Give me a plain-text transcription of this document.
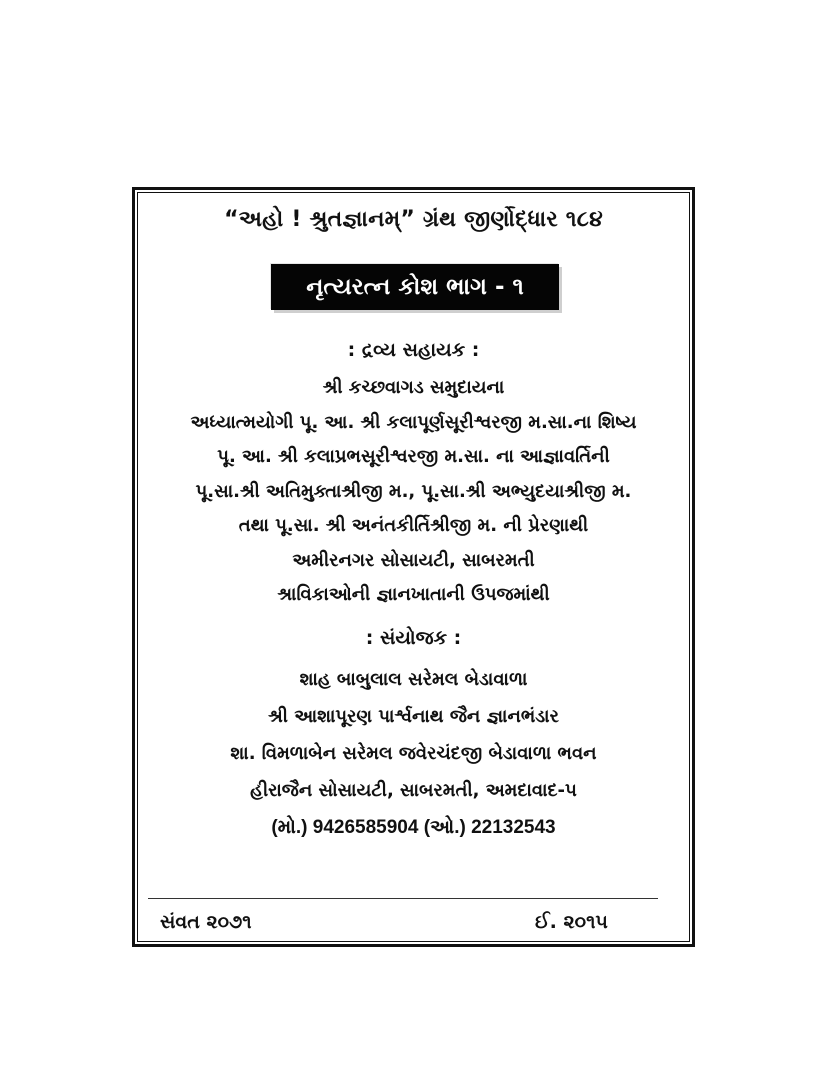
“અહો ! શ્રુતજ્ઞાનમ્” ગ્રંથ જીર્ણોદ્ધાર ૧૮૪
નૃત્યરત્ન કોશ ભાગ - ૧
: દ્રવ્ય સહાયક :
શ્રી કચ્છવાગડ સમુદાયના
અધ્યાત્મયોગી પૂ. આ. શ્રી કલાપૂર્ણસૂરીશ્વરજી મ.સા.ના શિષ્ય
પૂ. આ. શ્રી કલાપ્રભસૂરીશ્વરજી મ.સા. ના આજ્ઞાવર્તિની
પૂ.સા.શ્રી અતિમુક્તાશ્રીજી મ., પૂ.સા.શ્રી અભ્યુદયાશ્રીજી મ.
તથા પૂ.સા. શ્રી અનંતકીર્તિશ્રીજી મ. ની પ્રેરણાથી
અમીરનગર સોસાયટી, સાબરમતી
શ્રાવિકાઓની જ્ઞાનખાતાની ઉપજમાંથી
: સંયોજક :
શાહ બાબુલાલ સરેમલ બેડાવાળા
શ્રી આશાપૂરણ પાર્શ્વનાથ જૈન જ્ઞાનભંડાર
શા. વિમળાબેન સરેમલ જવેરચંદજી બેડાવાળા ભવન
હીરાજૈન સોસાયટી, સાબરમતી, અમદાવાદ-૫
(મો.) 9426585904 (ઓ.) 22132543
સંવત ૨૦૭૧	ઈ. ૨૦૧૫
